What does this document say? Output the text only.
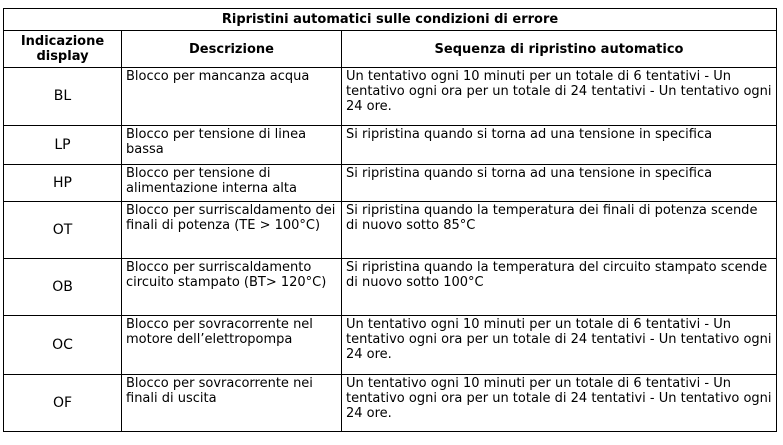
Ripristini automatici sulle condizioni di errore		
Indicazione display	Descrizione	Sequenza di ripristino automatico
BL	Blocco per mancanza acqua	Un tentativo ogni 10 minuti per un totale di 6 tentativi - Un tentativo ogni ora per un totale di 24 tentativi - Un tentativo ogni 24 ore.
LP	Blocco per tensione di linea bassa	Si ripristina quando si torna ad una tensione in specifica
HP	Blocco per tensione di alimentazione interna alta	Si ripristina quando si torna ad una tensione in specifica
OT	Blocco per surriscaldamento dei finali di potenza (TE > 100°C)	Si ripristina quando la temperatura dei finali di potenza scende di nuovo sotto 85°C
OB	Blocco per surriscaldamento circuito stampato (BT> 120°C)	Si ripristina quando la temperatura del circuito stampato scende di nuovo sotto 100°C
OC	Blocco per sovracorrente nel motore dell’elettropompa	Un tentativo ogni 10 minuti per un totale di 6 tentativi - Un tentativo ogni ora per un totale di 24 tentativi - Un tentativo ogni 24 ore.
OF	Blocco per sovracorrente nei finali di uscita	Un tentativo ogni 10 minuti per un totale di 6 tentativi - Un tentativo ogni ora per un totale di 24 tentativi - Un tentativo ogni 24 ore.
